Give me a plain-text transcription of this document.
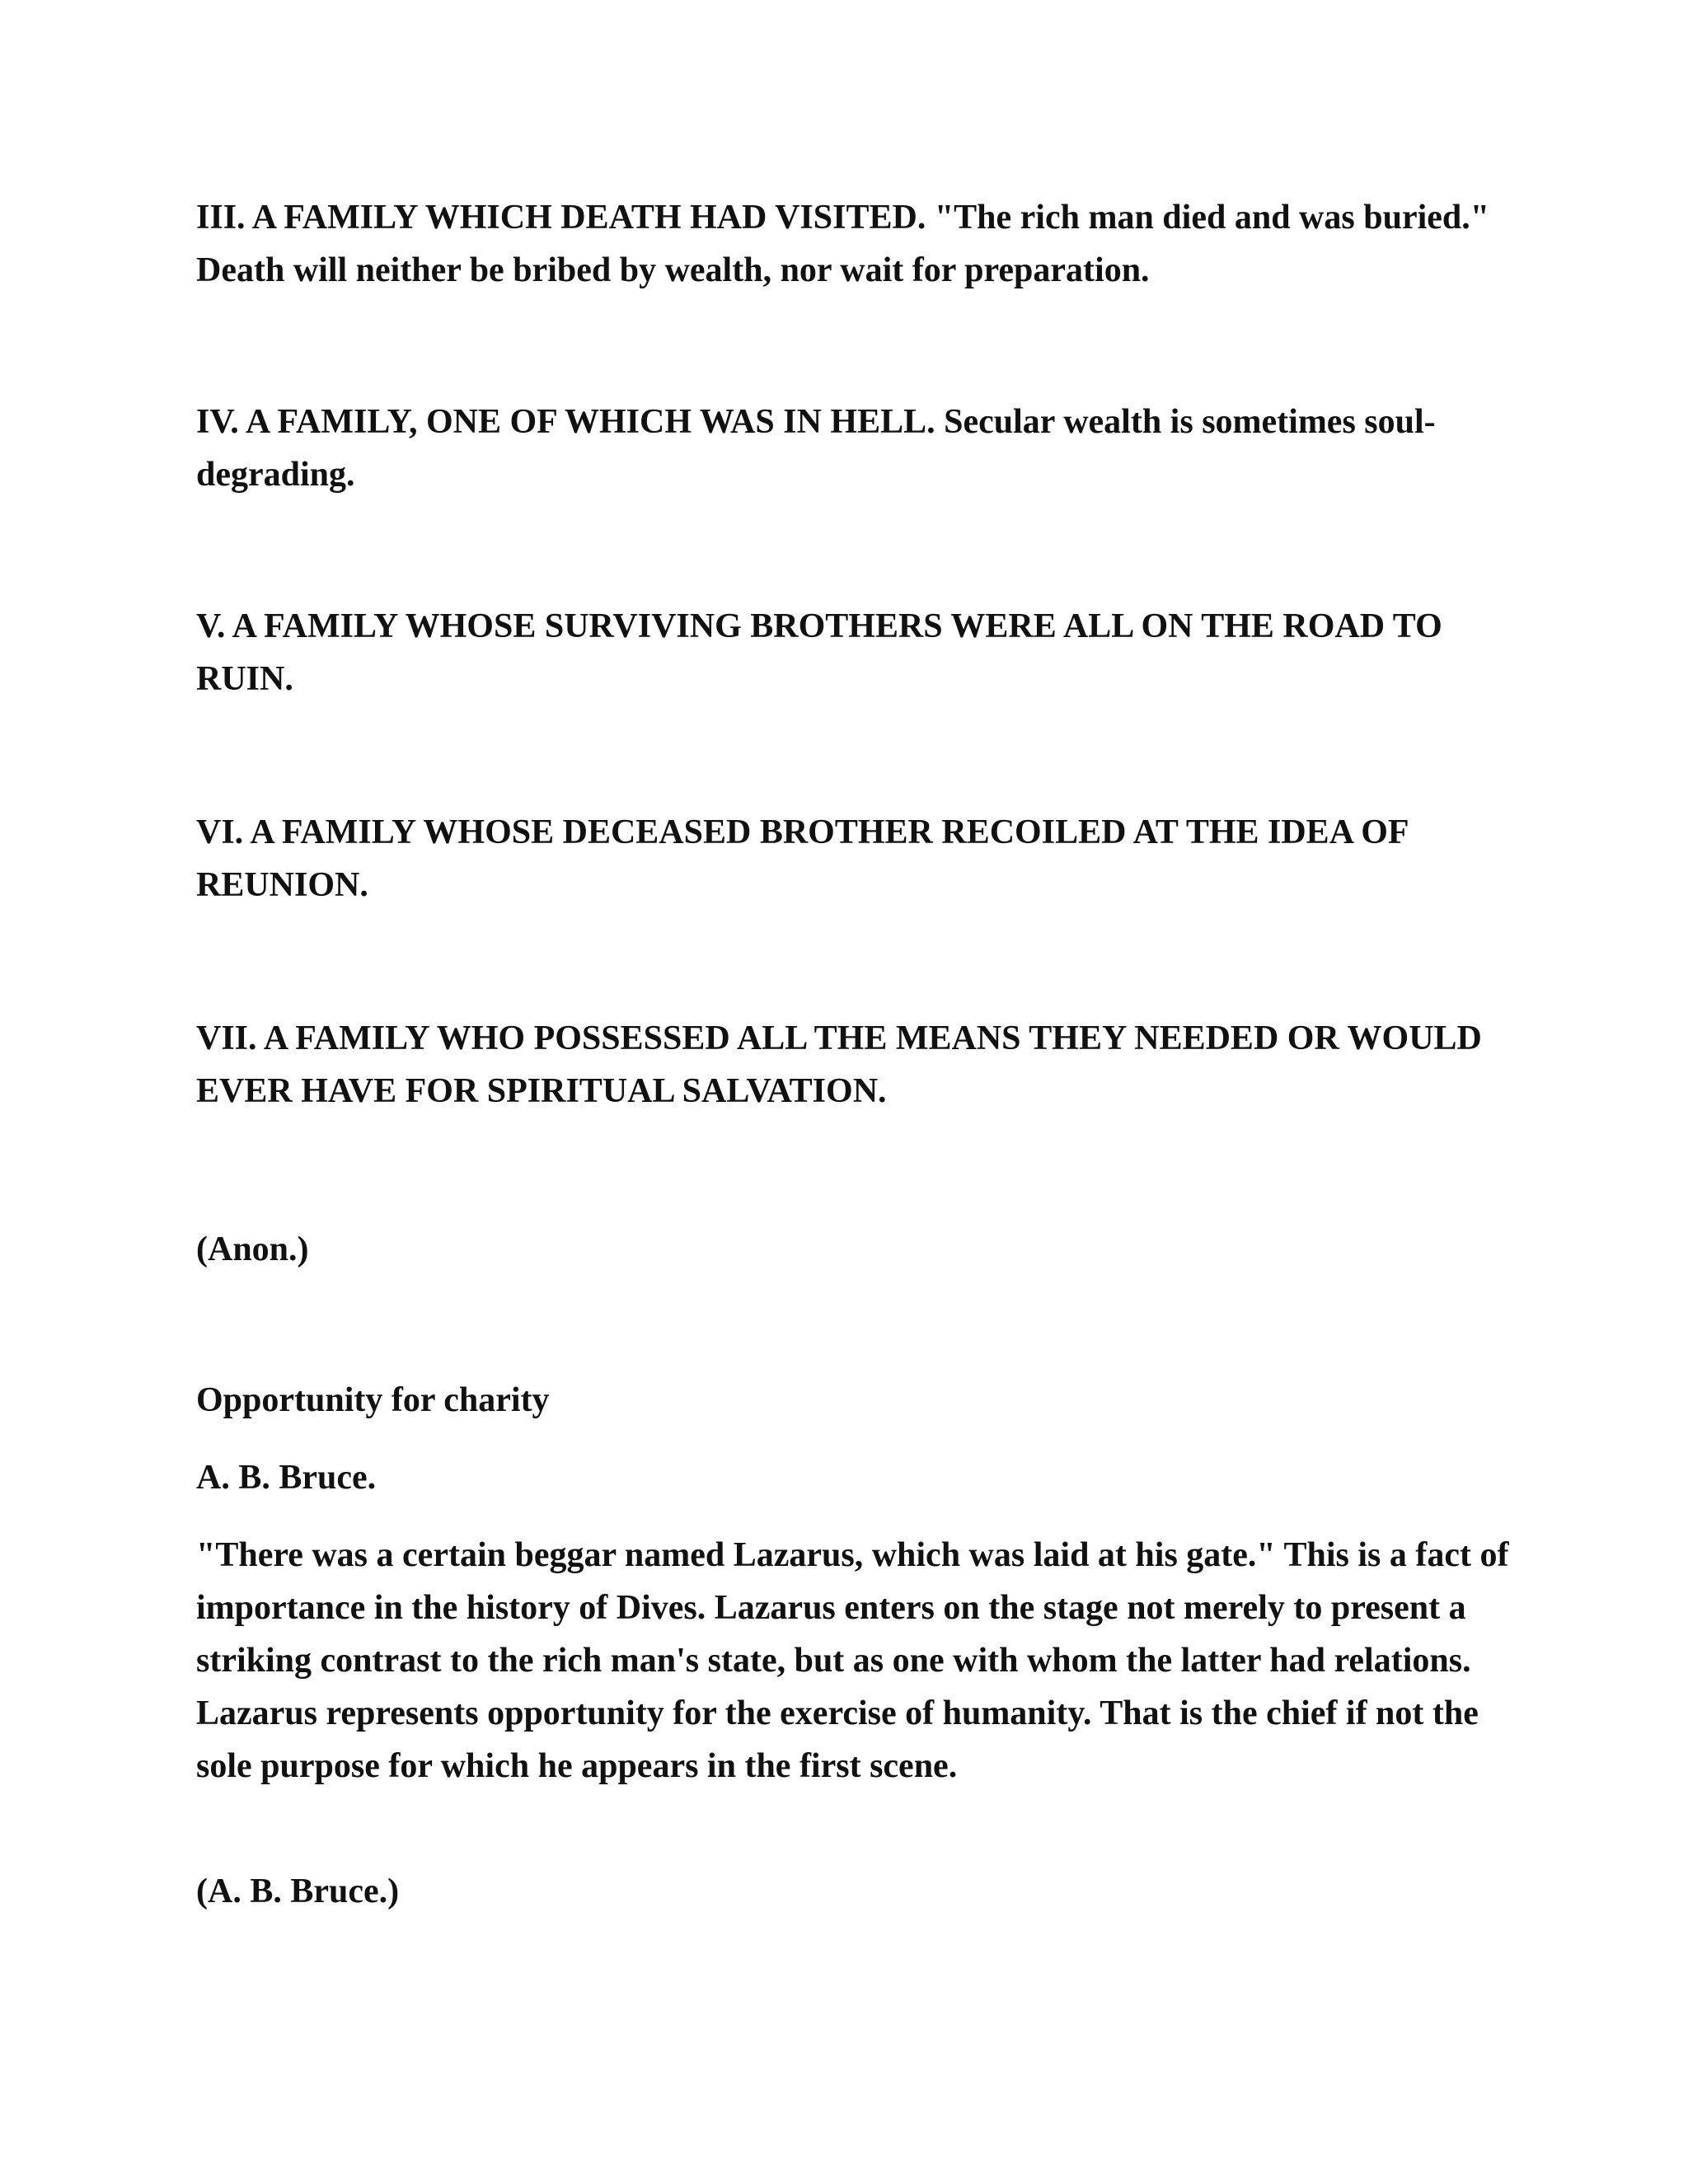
III. A FAMILY WHICH DEATH HAD VISITED. "The rich man died and was buried." Death will neither be bribed by wealth, nor wait for preparation.

IV. A FAMILY, ONE OF WHICH WAS IN HELL. Secular wealth is sometimes soul-degrading.

V. A FAMILY WHOSE SURVIVING BROTHERS WERE ALL ON THE ROAD TO RUIN.

VI. A FAMILY WHOSE DECEASED BROTHER RECOILED AT THE IDEA OF REUNION.

VII. A FAMILY WHO POSSESSED ALL THE MEANS THEY NEEDED OR WOULD EVER HAVE FOR SPIRITUAL SALVATION.

(Anon.)

Opportunity for charity

A. B. Bruce.

"There was a certain beggar named Lazarus, which was laid at his gate." This is a fact of importance in the history of Dives. Lazarus enters on the stage not merely to present a striking contrast to the rich man's state, but as one with whom the latter had relations. Lazarus represents opportunity for the exercise of humanity. That is the chief if not the sole purpose for which he appears in the first scene.

(A. B. Bruce.)
